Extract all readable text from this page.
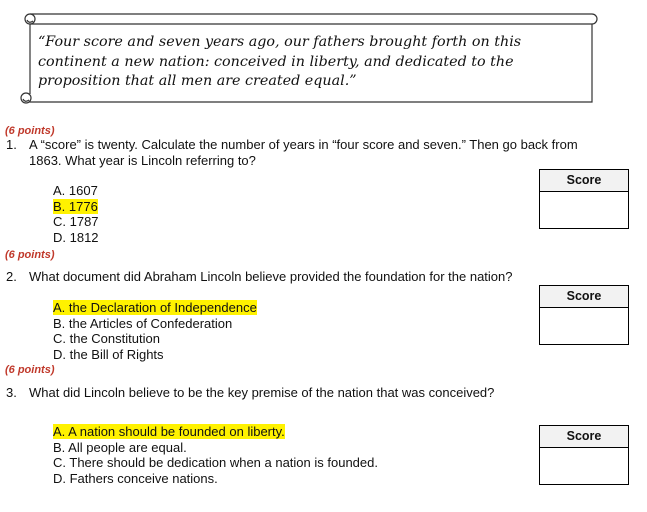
“Four score and seven years ago, our fathers brought forth on this continent a new nation: conceived in liberty, and dedicated to the proposition that all men are created equal.”

(6 points)
1. A “score” is twenty. Calculate the number of years in “four score and seven.” Then go back from 1863. What year is Lincoln referring to?
A. 1607
B. 1776
C. 1787
D. 1812
Score
(6 points)
2. What document did Abraham Lincoln believe provided the foundation for the nation?
A. the Declaration of Independence
B. the Articles of Confederation
C. the Constitution
D. the Bill of Rights
Score
(6 points)
3. What did Lincoln believe to be the key premise of the nation that was conceived?
A. A nation should be founded on liberty.
B. All people are equal.
C. There should be dedication when a nation is founded.
D. Fathers conceive nations.
Score
